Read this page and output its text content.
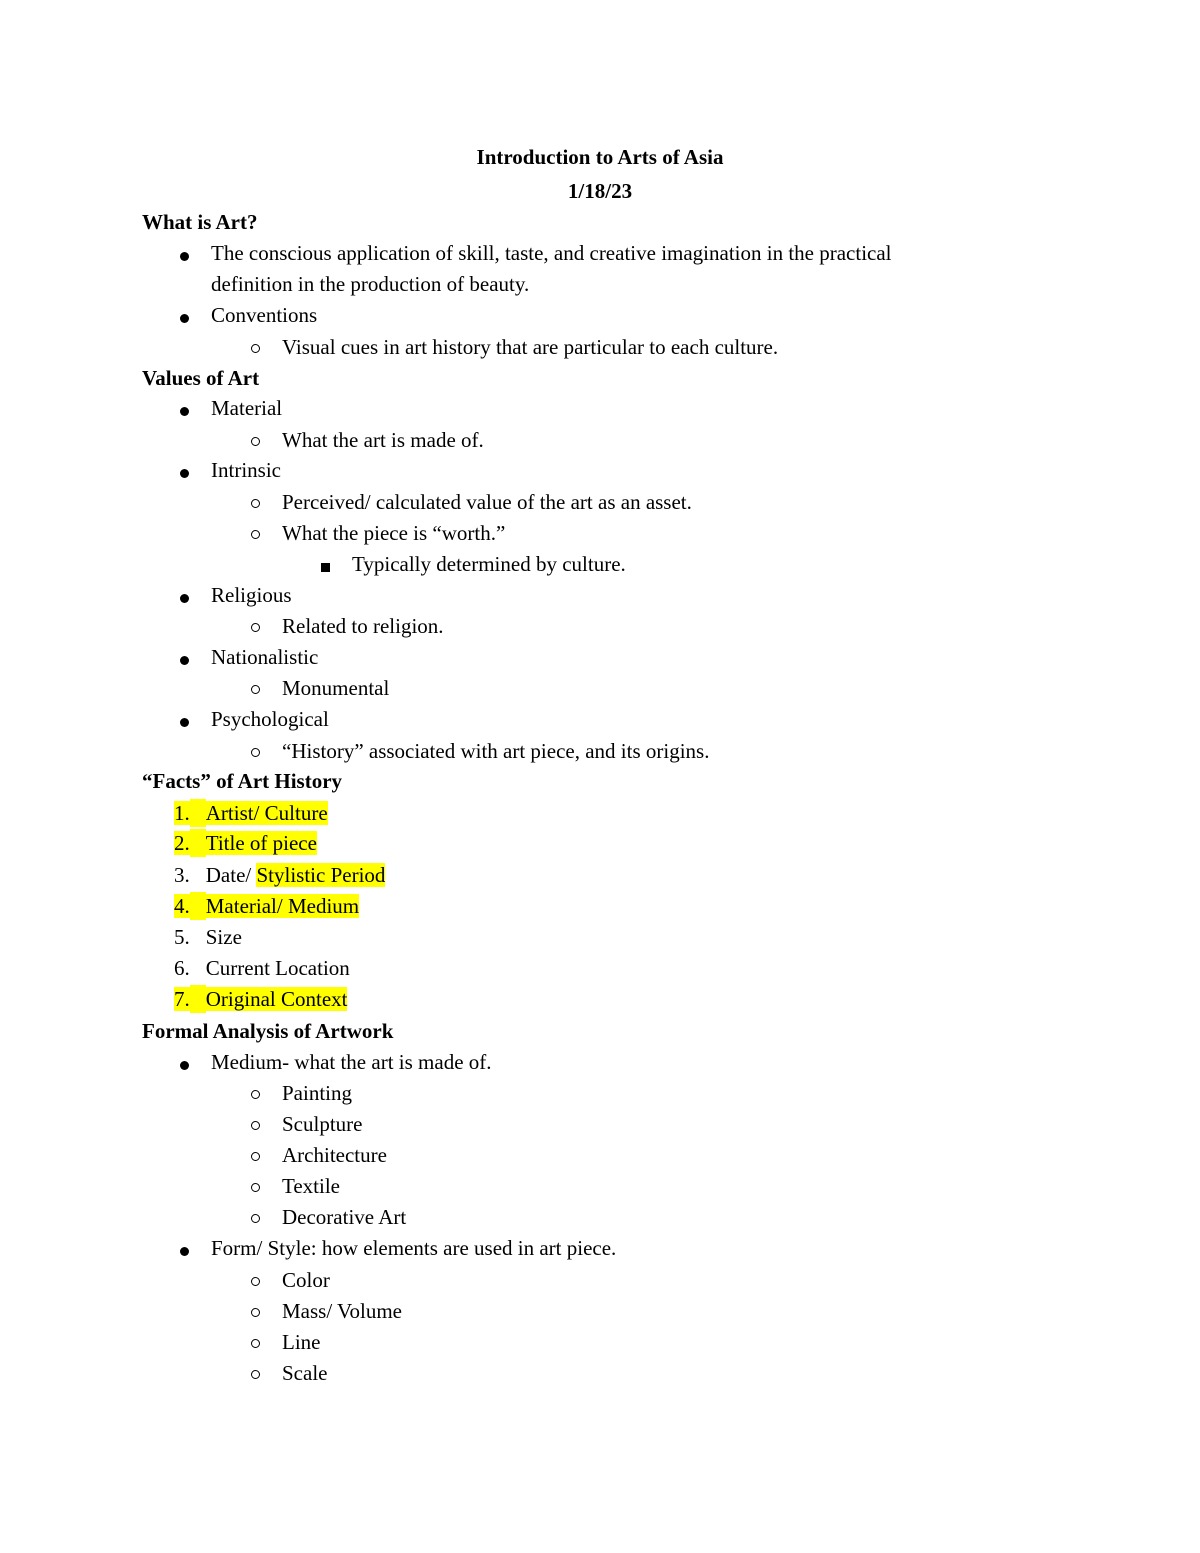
Introduction to Arts of Asia
1/18/23
What is Art?
The conscious application of skill, taste, and creative imagination in the practical
definition in the production of beauty.
Conventions
Visual cues in art history that are particular to each culture.
Values of Art
Material
What the art is made of.
Intrinsic
Perceived/ calculated value of the art as an asset.
What the piece is “worth.”
Typically determined by culture.
Religious
Related to religion.
Nationalistic
Monumental
Psychological
“History” associated with art piece, and its origins.
“Facts” of Art History
1. Artist/ Culture
2. Title of piece
3. Date/ Stylistic Period
4. Material/ Medium
5. Size
6. Current Location
7. Original Context
Formal Analysis of Artwork
Medium- what the art is made of.
Painting
Sculpture
Architecture
Textile
Decorative Art
Form/ Style: how elements are used in art piece.
Color
Mass/ Volume
Line
Scale
